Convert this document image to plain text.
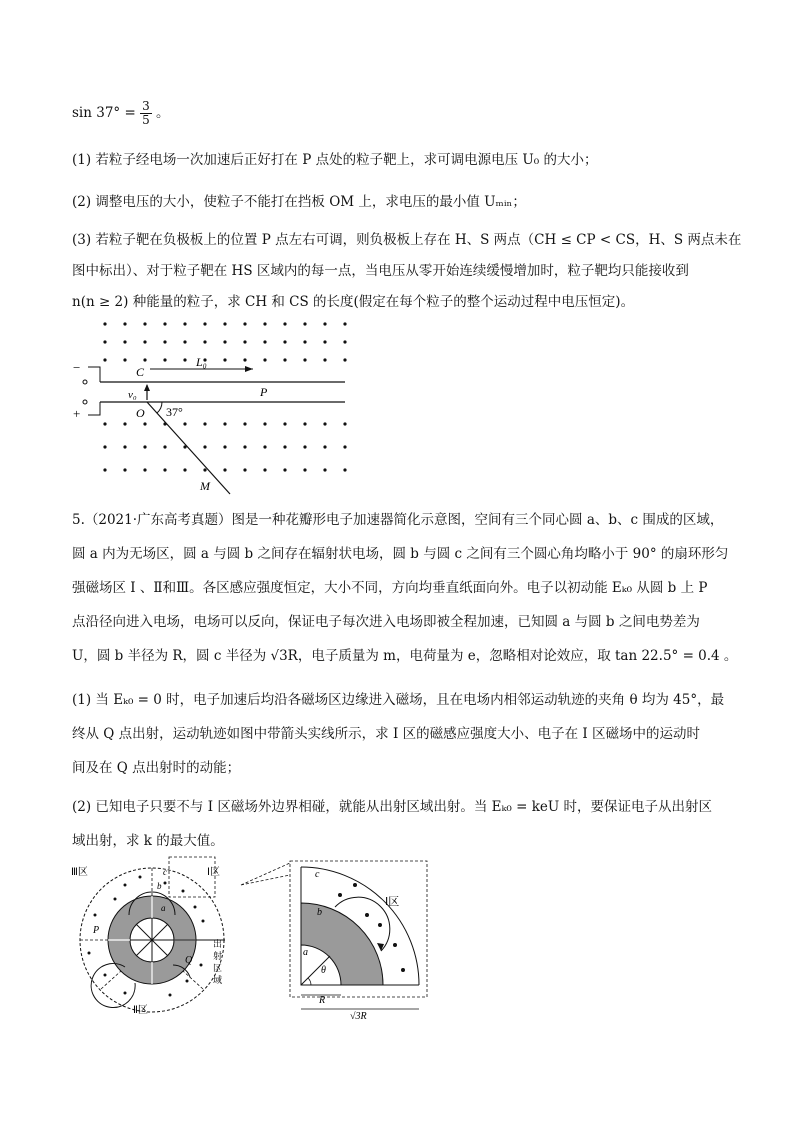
$\sin 37^\circ = \frac{3}{5}$ 。
(1) 若粒子经电场一次加速后正好打在 P 点处的粒子靶上，求可调电源电压 U₀ 的大小；
(2) 调整电压的大小，使粒子不能打在挡板 OM 上，求电压的最小值 Uₘᵢₙ；
(3) 若粒子靶在负极板上的位置 P 点左右可调，则负极板上存在 H、S 两点（CH ≤ CP < CS，H、S 两点未在
图中标出）、对于粒子靶在 HS 区域内的每一点，当电压从零开始连续缓慢增加时，粒子靶均只能接收到
n(n ≥ 2) 种能量的粒子，求 CH 和 CS 的长度(假定在每个粒子的整个运动过程中电压恒定)。
−
+
C
L₀
P
v₀
O 37°
M
5.（2021·广东高考真题）图是一种花瓣形电子加速器简化示意图，空间有三个同心圆 a、b、c 围成的区域，
圆 a 内为无场区，圆 a 与圆 b 之间存在辐射状电场，圆 b 与圆 c 之间有三个圆心角均略小于 90° 的扇环形匀
强磁场区 Ⅰ 、Ⅱ和Ⅲ。各区感应强度恒定，大小不同，方向均垂直纸面向外。电子以初动能 Eₖ₀ 从圆 b 上 P
点沿径向进入电场，电场可以反向，保证电子每次进入电场即被全程加速，已知圆 a 与圆 b 之间电势差为
U，圆 b 半径为 R，圆 c 半径为 √3R，电子质量为 m，电荷量为 e，忽略相对论效应，取 tan 22.5° = 0.4 。
(1) 当 Eₖ₀ = 0 时，电子加速后均沿各磁场区边缘进入磁场，且在电场内相邻运动轨迹的夹角 θ 均为 45°，最
终从 Q 点出射，运动轨迹如图中带箭头实线所示，求 Ⅰ 区的磁感应强度大小、电子在 Ⅰ 区磁场中的运动时
间及在 Q 点出射时的动能；
(2) 已知电子只要不与 Ⅰ 区磁场外边界相碰，就能从出射区域出射。当 Eₖ₀ = keU 时，要保证电子从出射区
域出射，求 k 的最大值。
Ⅲ区	Ⅰ区
Ⅱ区
c
b
a
P
Q
出
射
区
域
c
b
a
Ⅰ区
θ
R
√3R
